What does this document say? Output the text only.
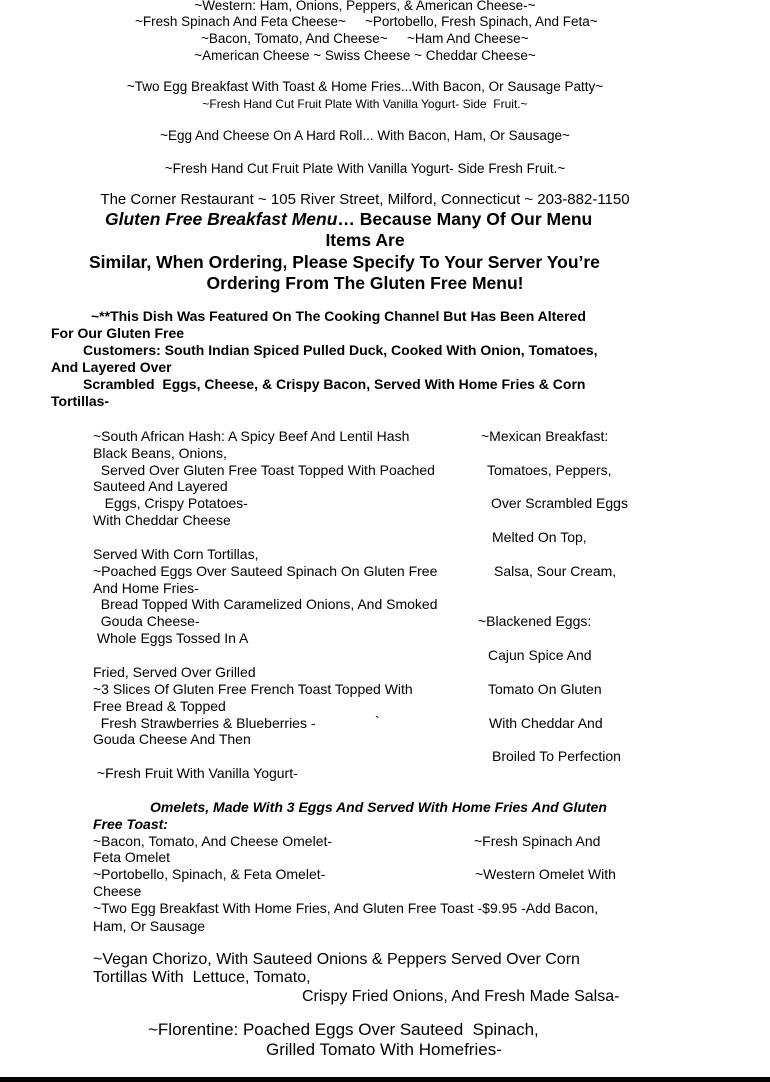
~Western: Ham, Onions, Peppers, & American Cheese-~
~Fresh Spinach And Feta Cheese~ ~Portobello, Fresh Spinach, And Feta~
~Bacon, Tomato, And Cheese~ ~Ham And Cheese~
~American Cheese ~ Swiss Cheese ~ Cheddar Cheese~
~Two Egg Breakfast With Toast & Home Fries...With Bacon, Or Sausage Patty~
~Fresh Hand Cut Fruit Plate With Vanilla Yogurt- Side  Fruit.~
~Egg And Cheese On A Hard Roll... With Bacon, Ham, Or Sausage~
~Fresh Hand Cut Fruit Plate With Vanilla Yogurt- Side Fresh Fruit.~
The Corner Restaurant ~ 105 River Street, Milford, Connecticut ~ 203-882-1150
Gluten Free Breakfast Menu… Because Many Of Our Menu
Items Are
Similar, When Ordering, Please Specify To Your Server You’re
Ordering From The Gluten Free Menu!
~**This Dish Was Featured On The Cooking Channel But Has Been Altered
For Our Gluten Free
Customers: South Indian Spiced Pulled Duck, Cooked With Onion, Tomatoes,
And Layered Over
Scrambled  Eggs, Cheese, & Crispy Bacon, Served With Home Fries & Corn
Tortillas-
~South African Hash: A Spicy Beef And Lentil Hash
Black Beans, Onions,
Served Over Gluten Free Toast Topped With Poached
Sauteed And Layered
Eggs, Crispy Potatoes-
With Cheddar Cheese
Served With Corn Tortillas,
~Poached Eggs Over Sauteed Spinach On Gluten Free
And Home Fries-
Bread Topped With Caramelized Onions, And Smoked
Gouda Cheese-
Whole Eggs Tossed In A
Fried, Served Over Grilled
~3 Slices Of Gluten Free French Toast Topped With
Free Bread & Topped
Fresh Strawberries & Blueberries -	`
Gouda Cheese And Then
~Fresh Fruit With Vanilla Yogurt-
~Mexican Breakfast:
Tomatoes, Peppers,
Over Scrambled Eggs
Melted On Top,
Salsa, Sour Cream,
~Blackened Eggs:
Cajun Spice And
Tomato On Gluten
With Cheddar And
Broiled To Perfection
Omelets, Made With 3 Eggs And Served With Home Fries And Gluten
Free Toast:
~Bacon, Tomato, And Cheese Omelet-	~Fresh Spinach And
Feta Omelet
~Portobello, Spinach, & Feta Omelet-	~Western Omelet With
Cheese
~Two Egg Breakfast With Home Fries, And Gluten Free Toast -$9.95 -Add Bacon,
Ham, Or Sausage
~Vegan Chorizo, With Sauteed Onions & Peppers Served Over Corn
Tortillas With  Lettuce, Tomato,
Crispy Fried Onions, And Fresh Made Salsa-
~Florentine: Poached Eggs Over Sauteed  Spinach,
Grilled Tomato With Homefries-
